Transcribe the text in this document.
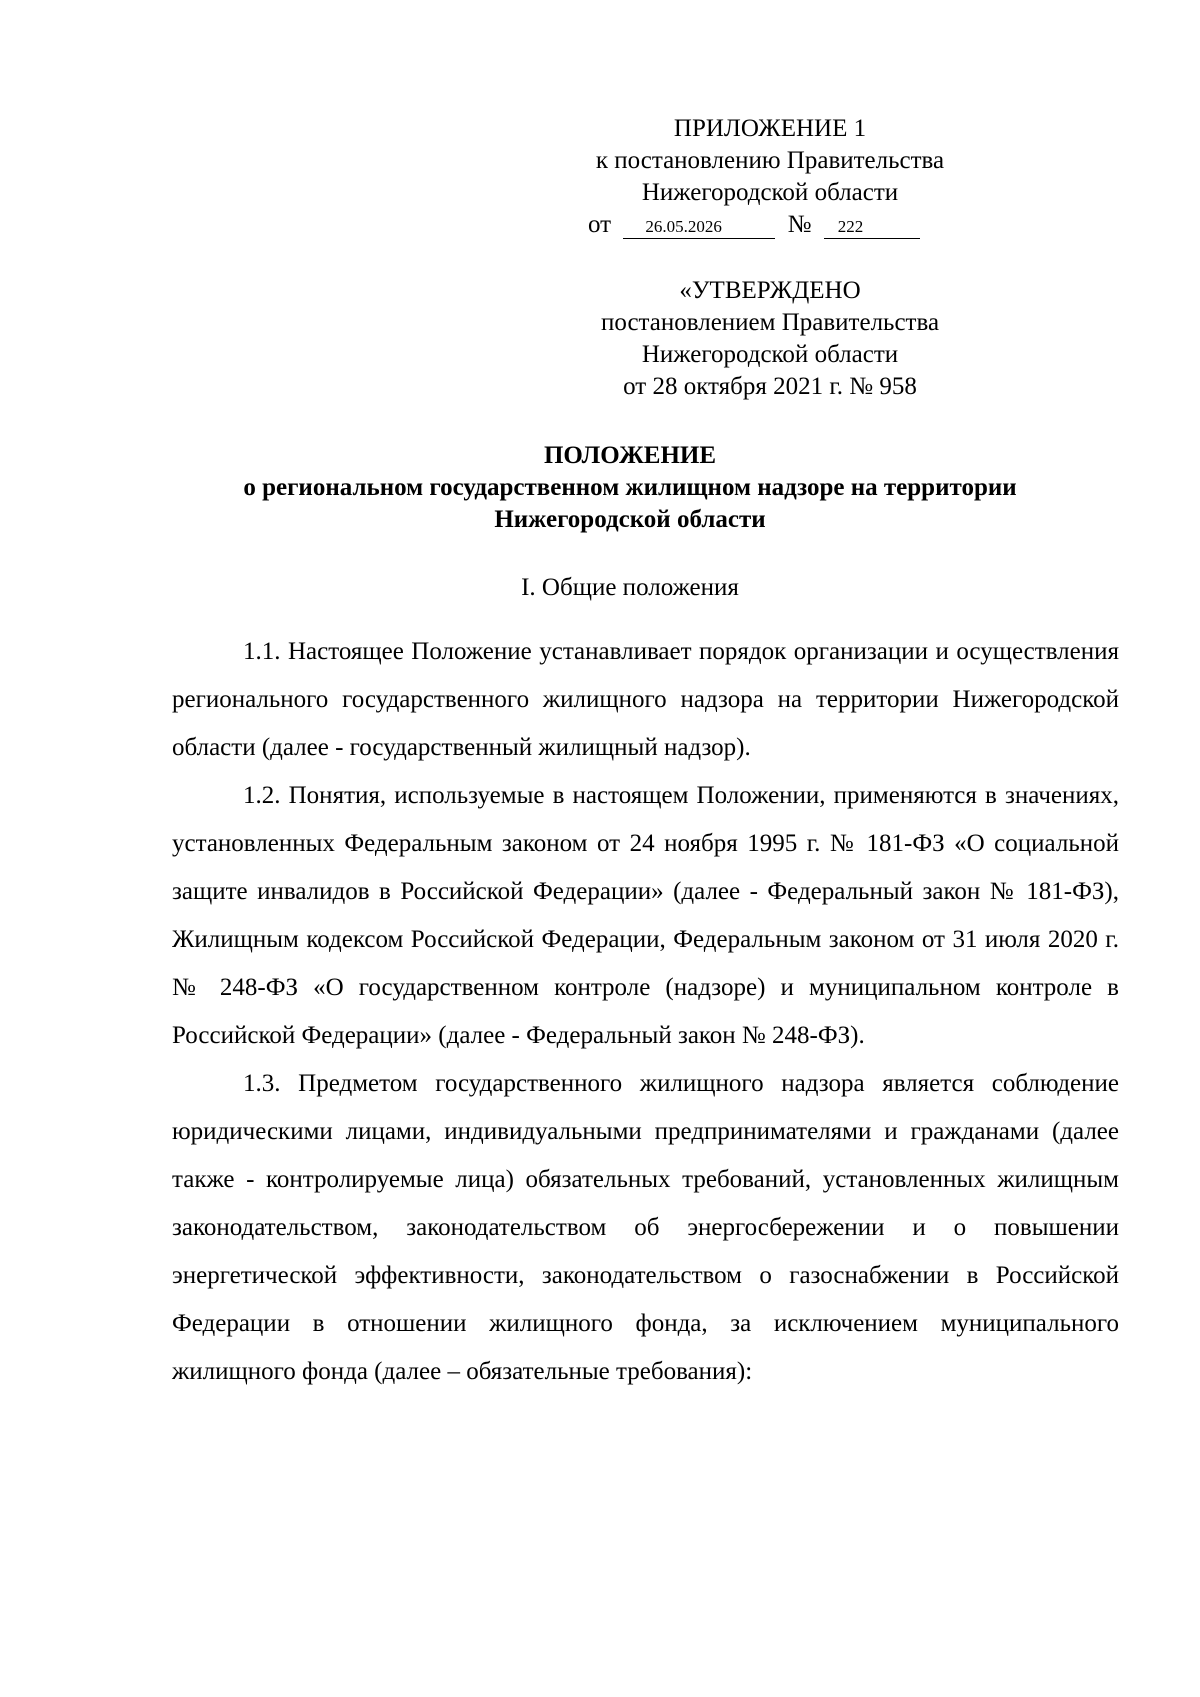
ПРИЛОЖЕНИЕ 1
к постановлению Правительства
Нижегородской области
от 26.05.2026	№ 222
«УТВЕРЖДЕНО
постановлением Правительства
Нижегородской области
от 28 октября 2021 г. № 958
ПОЛОЖЕНИЕ
о региональном государственном жилищном надзоре на территории
Нижегородской области
I. Общие положения

1.1. Настоящее Положение устанавливает порядок организации и осуществления регионального государственного жилищного надзора на территории Нижегородской области (далее - государственный жилищный надзор).

1.2. Понятия, используемые в настоящем Положении, применяются в значениях, установленных Федеральным законом от 24 ноября 1995 г. № 181-ФЗ «О социальной защите инвалидов в Российской Федерации» (далее - Федеральный закон № 181-ФЗ), Жилищным кодексом Российской Федерации, Федеральным законом от 31 июля 2020 г. № 248-ФЗ «О государственном контроле (надзоре) и муниципальном контроле в Российской Федерации» (далее - Федеральный закон № 248-ФЗ).

1.3. Предметом государственного жилищного надзора является соблюдение юридическими лицами, индивидуальными предпринимателями и гражданами (далее также - контролируемые лица) обязательных требований, установленных жилищным законодательством, законодательством об энергосбережении и о повышении энергетической эффективности, законодательством о газоснабжении в Российской Федерации в отношении жилищного фонда, за исключением муниципального жилищного фонда (далее – обязательные требования):
